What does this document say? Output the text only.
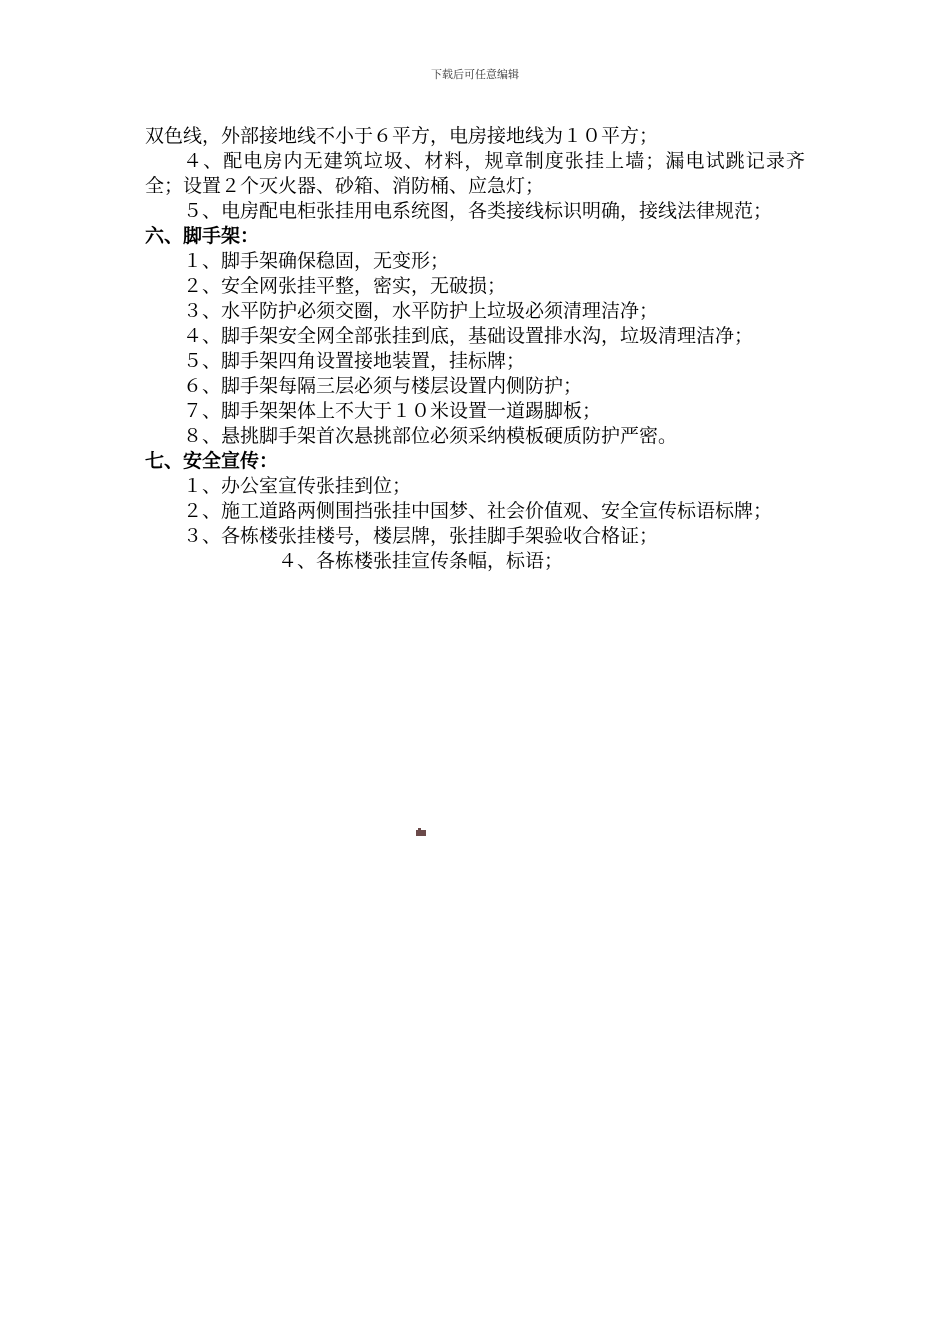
下载后可任意编辑

双色线，外部接地线不小于６平方，电房接地线为１０平方；

４、配电房内无建筑垃圾、材料，规章制度张挂上墙；漏电试跳记录齐全；设置２个灭火器、砂箱、消防桶、应急灯；

５、电房配电柜张挂用电系统图，各类接线标识明确，接线法律规范；

六、脚手架：

１、脚手架确保稳固，无变形；

２、安全网张挂平整，密实，无破损；

３、水平防护必须交圈，水平防护上垃圾必须清理洁净；

４、脚手架安全网全部张挂到底，基础设置排水沟，垃圾清理洁净；

５、脚手架四角设置接地装置，挂标牌；

６、脚手架每隔三层必须与楼层设置内侧防护；

７、脚手架架体上不大于１０米设置一道踢脚板；

８、悬挑脚手架首次悬挑部位必须采纳模板硬质防护严密。

七、安全宣传：

１、办公室宣传张挂到位；

２、施工道路两侧围挡张挂中国梦、社会价值观、安全宣传标语标牌；

３、各栋楼张挂楼号，楼层牌，张挂脚手架验收合格证；

４、各栋楼张挂宣传条幅，标语；
